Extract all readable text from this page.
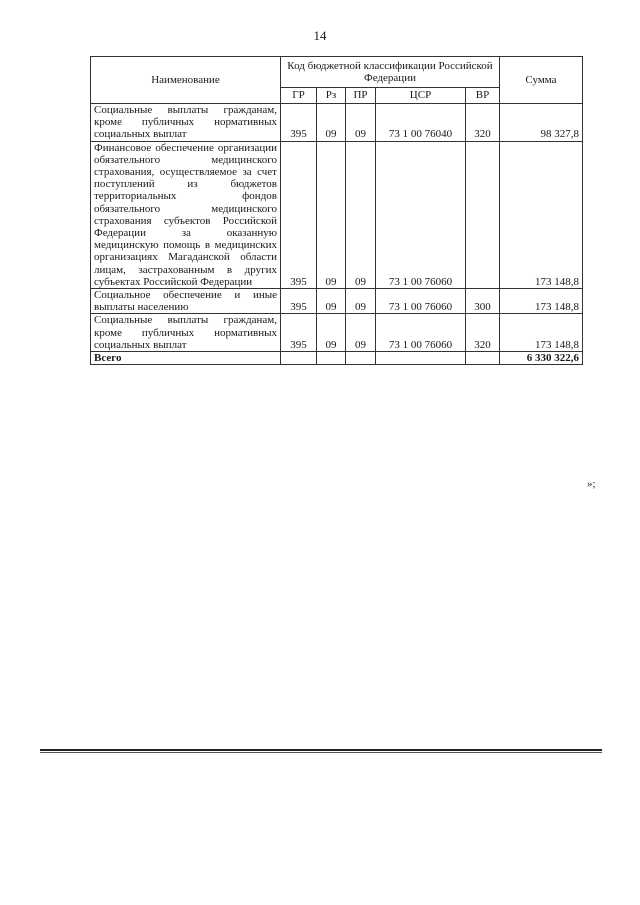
14
Наименование	Код бюджетной классификации Российской Федерации					Сумма
	ГР	Рз	ПР	ЦСР	ВР	
Социальные выплаты гражданам, кроме публичных нормативных социальных выплат	395	09	09	73 1 00 76040	320	98 327,8
Финансовое обеспечение организации обязательного медицинского страхования, осуществляемое за счет поступлений из бюджетов территориальных фондов обязательного медицинского страхования субъектов Российской Федерации за оказанную медицинскую помощь в медицинских организациях Магаданской области лицам, застрахованным в других субъектах Российской Федерации	395	09	09	73 1 00 76060		173 148,8
Социальное обеспечение и иные выплаты населению	395	09	09	73 1 00 76060	300	173 148,8
Социальные выплаты гражданам, кроме публичных нормативных социальных выплат	395	09	09	73 1 00 76060	320	173 148,8
Всего						6 330 322,6
»;
